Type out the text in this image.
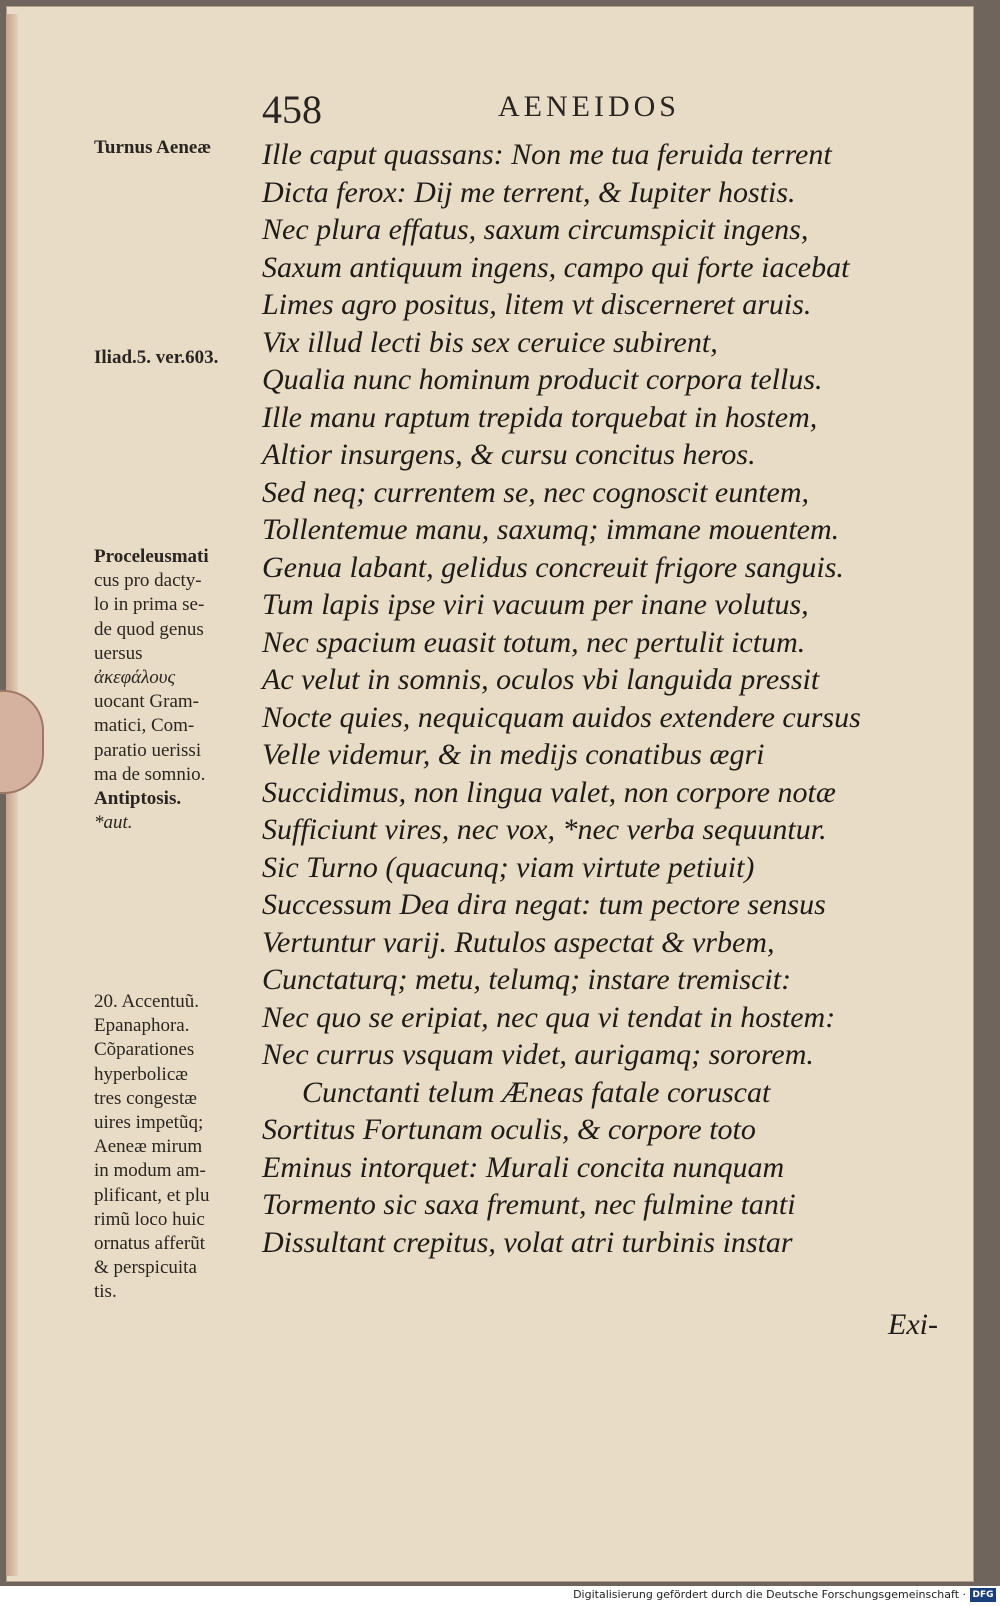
458	AENEIDOS
Ille caput quassans: Non me tua feruida terrent
Dicta ferox: Dij me terrent, & Iupiter hostis.
Nec plura effatus, saxum circumspicit ingens,
Saxum antiquum ingens, campo qui forte iacebat
Limes agro positus, litem vt discerneret aruis.
Vix illud lecti bis sex ceruice subirent,
Qualia nunc hominum producit corpora tellus.
Ille manu raptum trepida torquebat in hostem,
Altior insurgens, & cursu concitus heros.
Sed neq; currentem se, nec cognoscit euntem,
Tollentemue manu, saxumq; immane mouentem.
Genua labant, gelidus concreuit frigore sanguis.
Tum lapis ipse viri vacuum per inane volutus,
Nec spacium euasit totum, nec pertulit ictum.
Ac velut in somnis, oculos vbi languida pressit
Nocte quies, nequicquam auidos extendere cursus
Velle videmur, & in medijs conatibus ægri
Succidimus, non lingua valet, non corpore notæ
Sufficiunt vires, nec vox, *nec verba sequuntur.
Sic Turno (quacunq; viam virtute petiuit)
Successum Dea dira negat: tum pectore sensus
Vertuntur varij. Rutulos aspectat & vrbem,
Cunctaturq; metu, telumq; instare tremiscit:
Nec quo se eripiat, nec qua vi tendat in hostem:
Nec currus vsquam videt, aurigamq; sororem.
Cunctanti telum Æneas fatale coruscat
Sortitus Fortunam oculis, & corpore toto
Eminus intorquet: Murali concita nunquam
Tormento sic saxa fremunt, nec fulmine tanti
Dissultant crepitus, volat atri turbinis instar
Turnus Aeneæ
Iliad.5. ver.603.
Proceleusmati
cus pro dacty-
lo in prima se-
de quod genus
uersus
ἀκεφάλους
uocant Gram-
matici, Com-
paratio uerissi
ma de somnio.
Antiptosis.
*aut.
20. Accentuũ.
Epanaphora.
Cõparationes
hyperbolicæ
tres congestæ
uires impetũq;
Aeneæ mirum
in modum am-
plificant, et plu
rimũ loco huic
ornatus afferũt
& perspicuita
tis.
Exi-
Digitalisierung gefördert durch die Deutsche Forschungsgemeinschaft · DFG
